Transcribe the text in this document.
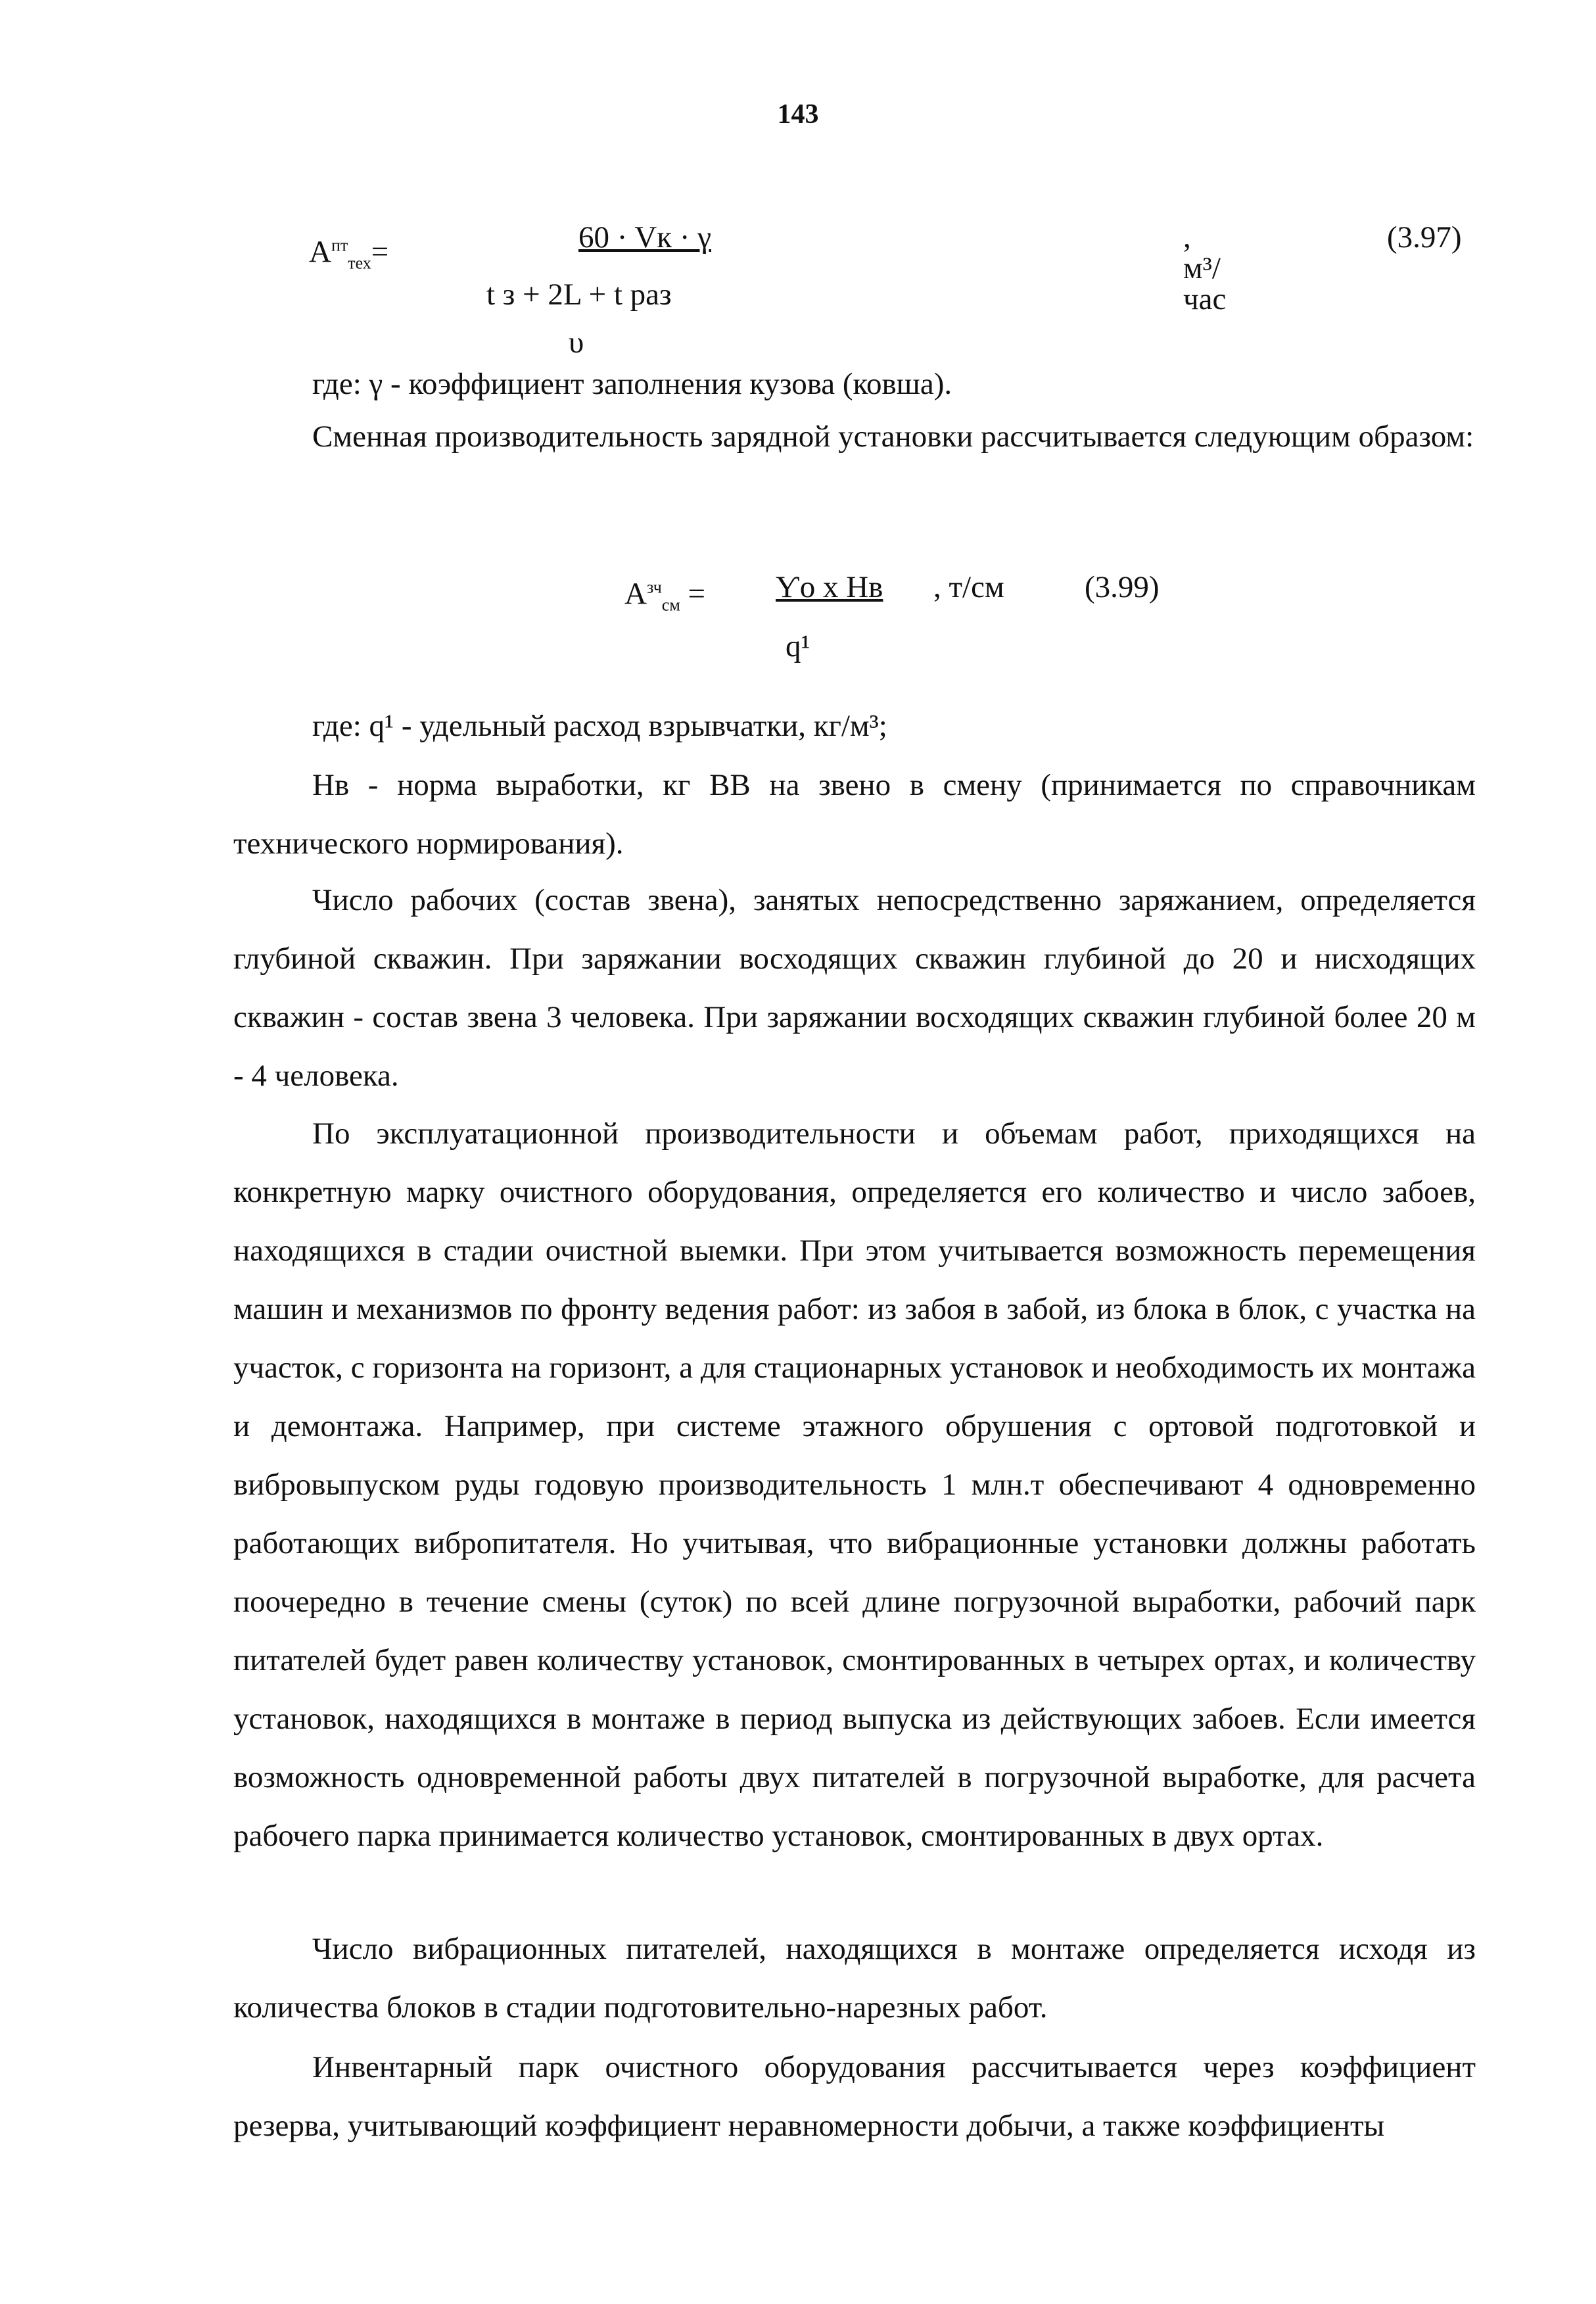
143
$А^{пт}_{тех}=$	60 · Vк · γ
t з + 2L + t раз
υ
, м³/час
(3.97)

где: γ - коэффициент заполнения кузова (ковша).

Сменная производительность зарядной установки рассчитывается следующим образом:

$А^{зч}_{см}$ = Ƴо х Нв
q¹
, т/см	(3.99)

где: q¹ - удельный расход взрывчатки, кг/м³;

Нв - норма выработки, кг ВВ на звено в смену (принимается по справочникам технического нормирования).

Число рабочих (состав звена), занятых непосредственно заряжанием, определяется глубиной скважин. При заряжании восходящих скважин глубиной до 20 и нисходящих скважин - состав звена 3 человека. При заряжании восходящих скважин глубиной более 20 м - 4 человека.

По эксплуатационной производительности и объемам работ, приходящихся на конкретную марку очистного оборудования, определяется его количество и число забоев, находящихся в стадии очистной выемки. При этом учитывается возможность перемещения машин и механизмов по фронту ведения работ: из забоя в забой, из блока в блок, с участка на участок, с горизонта на горизонт, а для стационарных установок и необходимость их монтажа и демонтажа. Например, при системе этажного обрушения с ортовой подготовкой и вибровыпуском руды годовую производительность 1 млн.т обеспечивают 4 одновременно работающих вибропитателя. Но учитывая, что вибрационные установки должны работать поочередно в течение смены (суток) по всей длине погрузочной выработки, рабочий парк питателей будет равен количеству установок, смонтированных в четырех ортах, и количеству установок, находящихся в монтаже в период выпуска из действующих забоев. Если имеется возможность одновременной работы двух питателей в погрузочной выработке, для расчета рабочего парка принимается количество установок, смонтированных в двух ортах.

Число вибрационных питателей, находящихся в монтаже определяется исходя из количества блоков в стадии подготовительно-нарезных работ.

Инвентарный парк очистного оборудования рассчитывается через коэффициент резерва, учитывающий коэффициент неравномерности добычи, а также коэффициенты
